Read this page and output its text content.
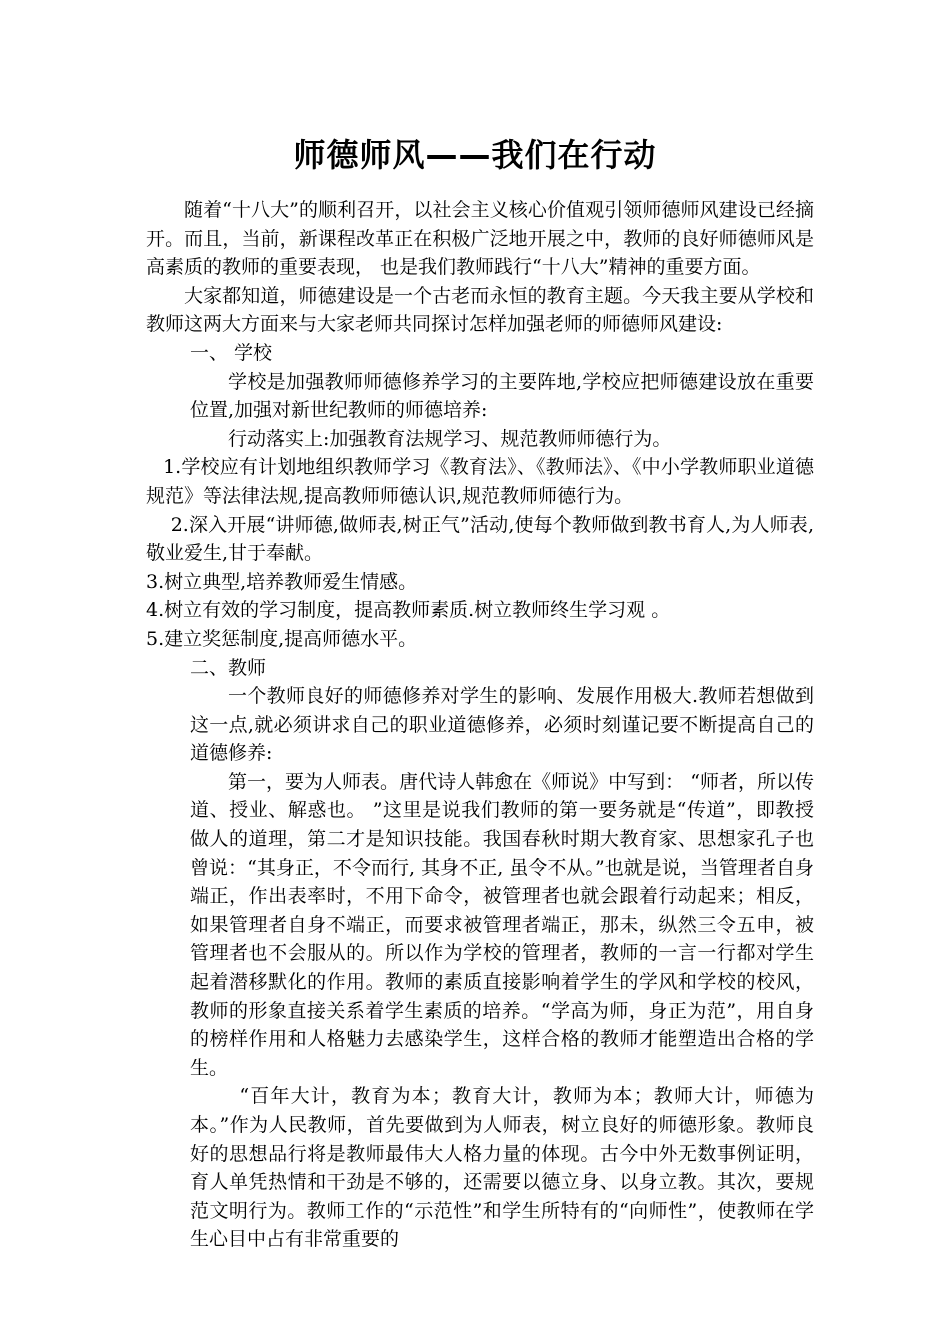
师德师风——我们在行动

随着“十八大”的顺利召开，以社会主义核心价值观引领师德师风建设已经摘开。而且，当前，新课程改革正在积极广泛地开展之中，教师的良好师德师风是高素质的教师的重要表现， 也是我们教师践行“十八大”精神的重要方面。

大家都知道，师德建设是一个古老而永恒的教育主题。今天我主要从学校和教师这两大方面来与大家老师共同探讨怎样加强老师的师德师风建设:

一、 学校

学校是加强教师师德修养学习的主要阵地,学校应把师德建设放在重要位置,加强对新世纪教师的师德培养:

行动落实上:加强教育法规学习、规范教师师德行为。

1.学校应有计划地组织教师学习《教育法》、《教师法》、《中小学教师职业道德规范》等法律法规,提高教师师德认识,规范教师师德行为。

2.深入开展“讲师德,做师表,树正气”活动,使每个教师做到教书育人,为人师表,敬业爱生,甘于奉献。

3.树立典型,培养教师爱生情感。

4.树立有效的学习制度，提高教师素质.树立教师终生学习观 。

5.建立奖惩制度,提高师德水平。

二、教师

一个教师良好的师德修养对学生的影响、发展作用极大.教师若想做到这一点,就必须讲求自己的职业道德修养，必须时刻谨记要不断提高自己的道德修养:

第一，要为人师表。唐代诗人韩愈在《师说》中写到： “师者，所以传道、授业、解惑也。 ”这里是说我们教师的第一要务就是“传道”，即教授做人的道理，第二才是知识技能。我国春秋时期大教育家、思想家孔子也曾说：“其身正，不令而行, 其身不正, 虽令不从。”也就是说，当管理者自身端正，作出表率时，不用下命令，被管理者也就会跟着行动起来；相反，如果管理者自身不端正，而要求被管理者端正，那未，纵然三令五申，被管理者也不会服从的。所以作为学校的管理者，教师的一言一行都对学生起着潜移默化的作用。教师的素质直接影响着学生的学风和学校的校风，教师的形象直接关系着学生素质的培养。“学高为师，身正为范”，用自身的榜样作用和人格魅力去感染学生，这样合格的教师才能塑造出合格的学生。

“百年大计，教育为本；教育大计，教师为本；教师大计，师德为本。”作为人民教师，首先要做到为人师表，树立良好的师德形象。教师良好的思想品行将是教师最伟大人格力量的体现。古今中外无数事例证明，育人单凭热情和干劲是不够的，还需要以德立身、以身立教。其次，要规范文明行为。教师工作的“示范性”和学生所特有的“向师性”，使教师在学生心目中占有非常重要的
